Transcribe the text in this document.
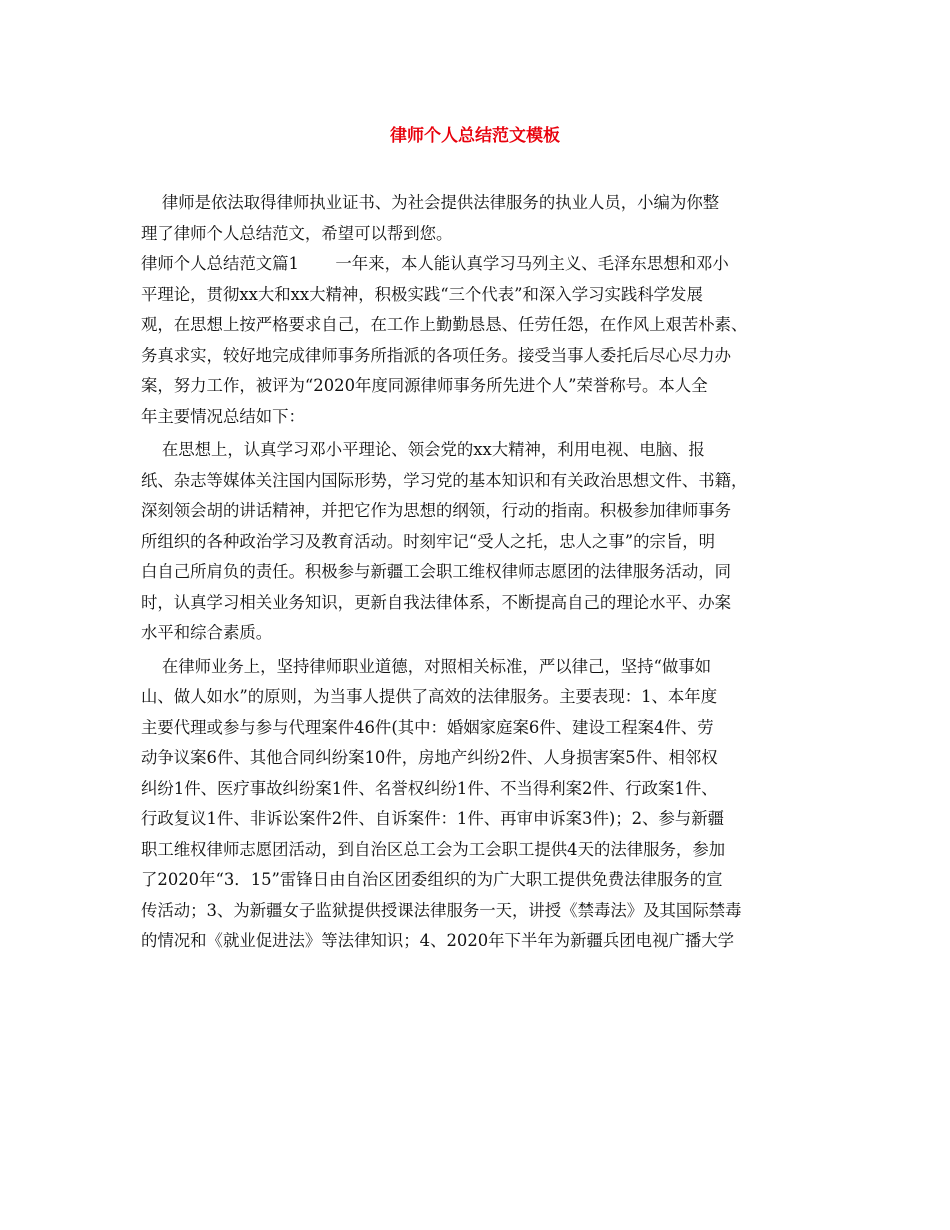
律师个人总结范文模板
律师是依法取得律师执业证书、为社会提供法律服务的执业人员，小编为你整
理了律师个人总结范文，希望可以帮到您。
律师个人总结范文篇1       一年来，本人能认真学习马列主义、毛泽东思想和邓小
平理论，贯彻xx大和xx大精神，积极实践“三个代表”和深入学习实践科学发展
观，在思想上按严格要求自己，在工作上勤勤恳恳、任劳任怨，在作风上艰苦朴素、
务真求实，较好地完成律师事务所指派的各项任务。接受当事人委托后尽心尽力办
案，努力工作，被评为“2020年度同源律师事务所先进个人”荣誉称号。本人全
年主要情况总结如下：
在思想上，认真学习邓小平理论、领会党的xx大精神，利用电视、电脑、报
纸、杂志等媒体关注国内国际形势，学习党的基本知识和有关政治思想文件、书籍，
深刻领会胡的讲话精神，并把它作为思想的纲领，行动的指南。积极参加律师事务
所组织的各种政治学习及教育活动。时刻牢记“受人之托，忠人之事”的宗旨，明
白自己所肩负的责任。积极参与新疆工会职工维权律师志愿团的法律服务活动，同
时，认真学习相关业务知识，更新自我法律体系，不断提高自己的理论水平、办案
水平和综合素质。
在律师业务上，坚持律师职业道德，对照相关标准，严以律己，坚持“做事如
山、做人如水”的原则，为当事人提供了高效的法律服务。主要表现：1、本年度
主要代理或参与参与代理案件46件(其中：婚姻家庭案6件、建设工程案4件、劳
动争议案6件、其他合同纠纷案10件，房地产纠纷2件、人身损害案5件、相邻权
纠纷1件、医疗事故纠纷案1件、名誉权纠纷1件、不当得利案2件、行政案1件、
行政复议1件、非诉讼案件2件、自诉案件：1件、再审申诉案3件)；2、参与新疆
职工维权律师志愿团活动，到自治区总工会为工会职工提供4天的法律服务，参加
了2020年“3．15”雷锋日由自治区团委组织的为广大职工提供免费法律服务的宣
传活动；3、为新疆女子监狱提供授课法律服务一天，讲授《禁毒法》及其国际禁毒
的情况和《就业促进法》等法律知识；4、2020年下半年为新疆兵团电视广播大学
